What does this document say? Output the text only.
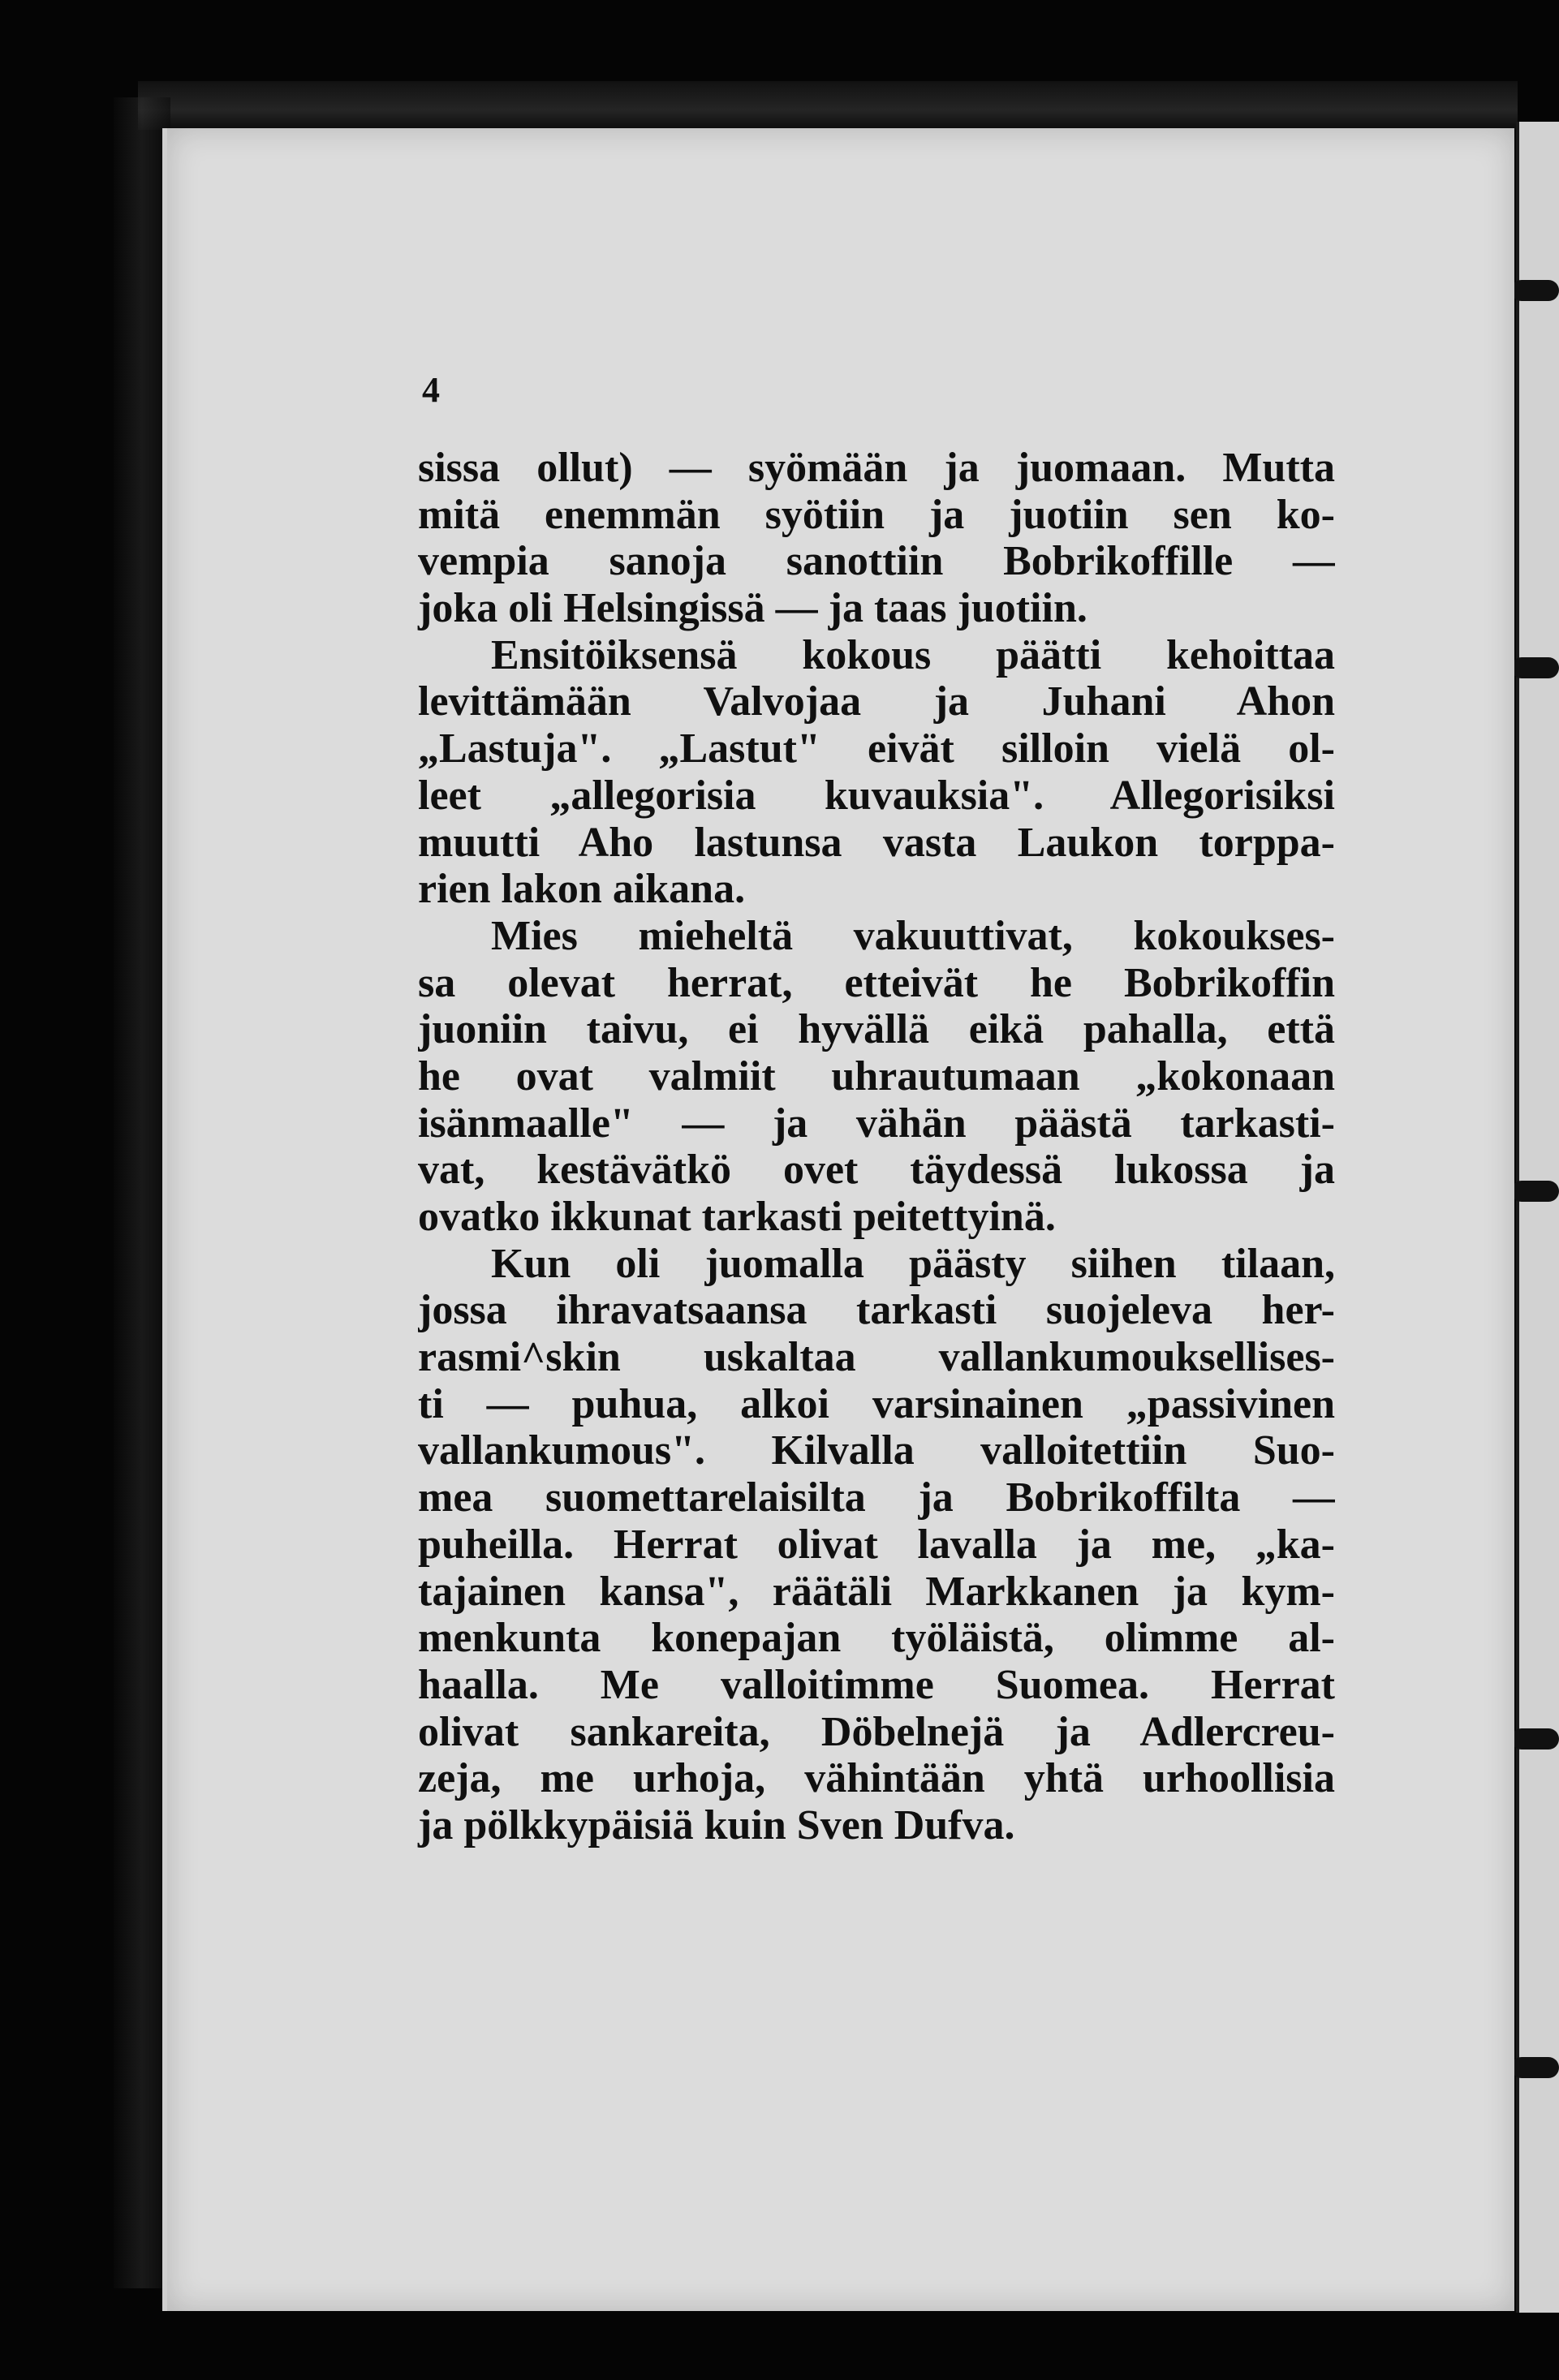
4
sissa ollut) — syömään ja juomaan. Mutta
mitä enemmän syötiin ja juotiin sen ko-
vempia sanoja sanottiin Bobrikoffille —
joka oli Helsingissä — ja taas juotiin.
Ensitöiksensä kokous päätti kehoittaa
levittämään Valvojaa ja Juhani Ahon
„Lastuja". „Lastut" eivät silloin vielä ol-
leet „allegorisia kuvauksia". Allegorisiksi
muutti Aho lastunsa vasta Laukon torppa-
rien lakon aikana.
Mies mieheltä vakuuttivat, kokoukses-
sa olevat herrat, etteivät he Bobrikoffin
juoniin taivu, ei hyvällä eikä pahalla, että
he ovat valmiit uhrautumaan „kokonaan
isänmaalle" — ja vähän päästä tarkasti-
vat, kestävätkö ovet täydessä lukossa ja
ovatko ikkunat tarkasti peitettyinä.
Kun oli juomalla päästy siihen tilaan,
jossa ihravatsaansa tarkasti suojeleva her-
rasmi^skin uskaltaa vallankumouksellises-
ti — puhua, alkoi varsinainen „passivinen
vallankumous". Kilvalla valloitettiin Suo-
mea suomettarelaisilta ja Bobrikoffilta —
puheilla. Herrat olivat lavalla ja me, „ka-
tajainen kansa", räätäli Markkanen ja kym-
menkunta konepajan työläistä, olimme al-
haalla. Me valloitimme Suomea. Herrat
olivat sankareita, Döbelnejä ja Adlercreu-
zeja, me urhoja, vähintään yhtä urhoollisia
ja pölkkypäisiä kuin Sven Dufva.
